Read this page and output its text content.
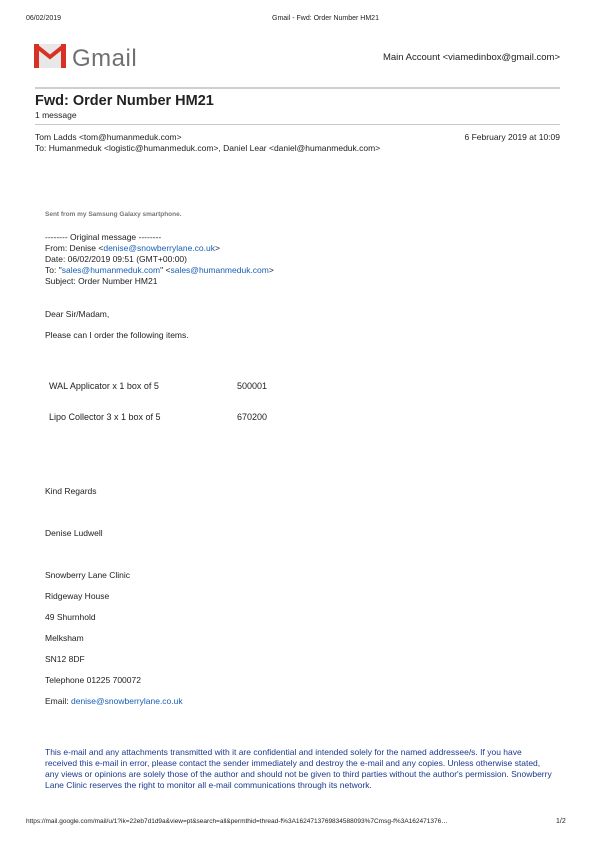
06/02/2019	Gmail - Fwd: Order Number HM21
Gmail	Main Account <viamedinbox@gmail.com>
Fwd: Order Number HM21
1 message
Tom Ladds <tom@humanmeduk.com>	6 February 2019 at 10:09
To: Humanmeduk <logistic@humanmeduk.com>, Daniel Lear <daniel@humanmeduk.com>
Sent from my Samsung Galaxy smartphone.
-------- Original message --------
From: Denise <denise@snowberrylane.co.uk>
Date: 06/02/2019 09:51 (GMT+00:00)
To: "sales@humanmeduk.com" <sales@humanmeduk.com>
Subject: Order Number HM21
Dear Sir/Madam,
Please can I order the following items.
WAL Applicator x 1 box of 5	500001
Lipo Collector 3 x 1 box of 5	670200
Kind Regards
Denise Ludwell
Snowberry Lane Clinic
Ridgeway House
49 Shurnhold
Melksham
SN12 8DF
Telephone 01225 700072
Email: denise@snowberrylane.co.uk
This e-mail and any attachments transmitted with it are confidential and intended solely for the named addressee/s. If you have received this e-mail in error, please contact the sender immediately and destroy the e-mail and any copies. Unless otherwise stated, any views or opinions are solely those of the author and should not be given to third parties without the author's permission. Snowberry Lane Clinic reserves the right to monitor all e-mail communications through its network.
https://mail.google.com/mail/u/1?ik=22eb7d1d9a&view=pt&search=all&permthid=thread-f%3A1624713769834588093%7Cmsg-f%3A162471376…	1/2
